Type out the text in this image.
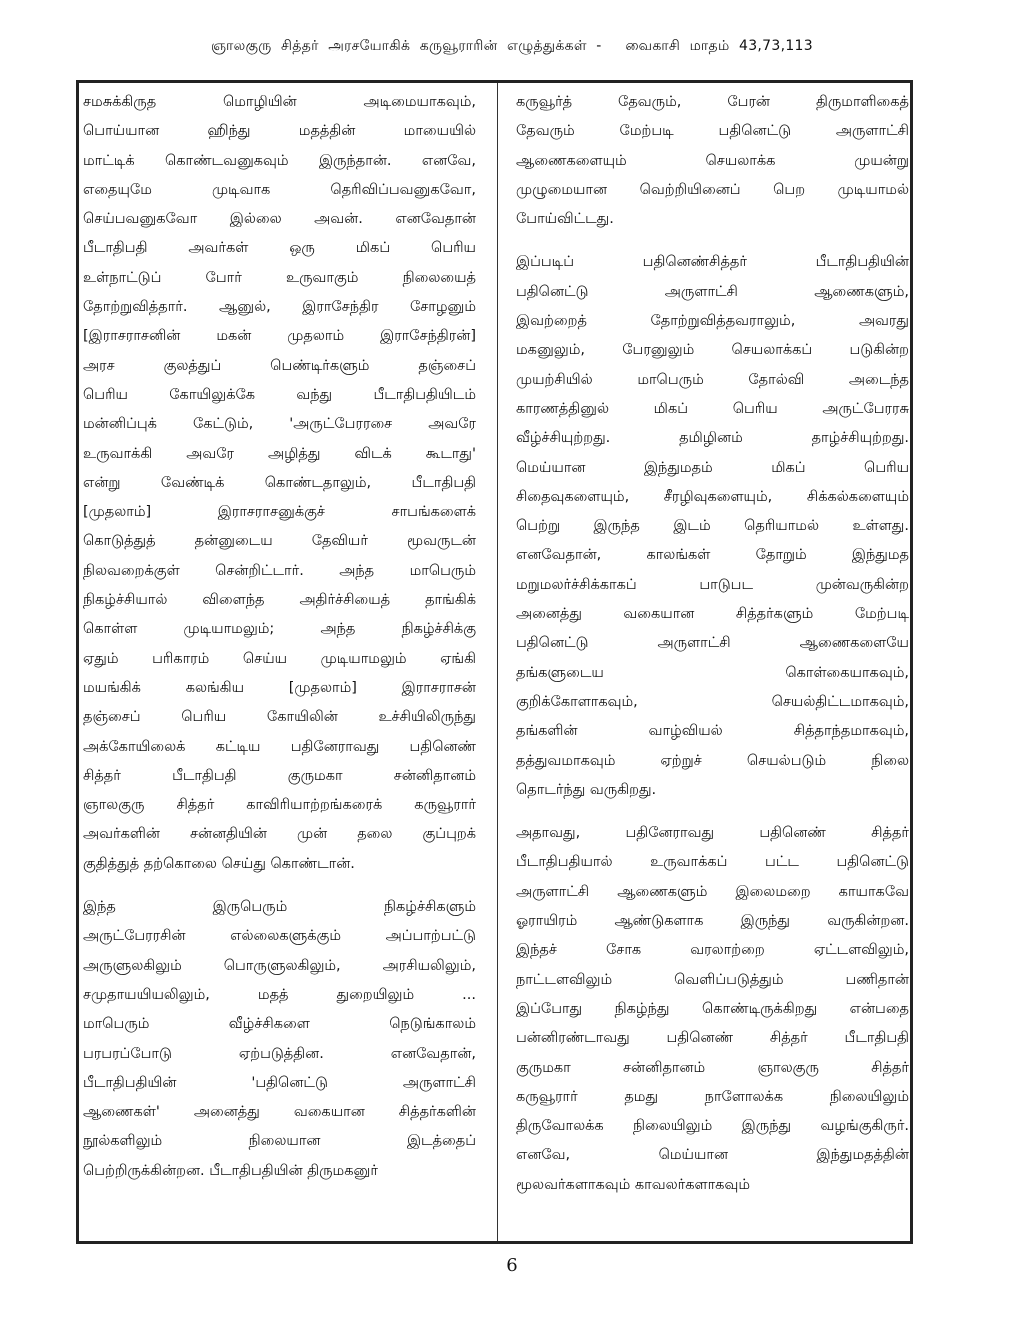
ஞாலகுரு  சித்தர்  அரசயோகிக்  கருவூராரின்  எழுத்துக்கள்  -     வைகாசி  மாதம்  43,73,113
சமசுக்கிருத மொழியின் அடிமையாகவும்,
பொய்யான ஹிந்து மதத்தின் மாயையில்
மாட்டிக் கொண்டவனுகவும் இருந்தான். எனவே,
எதையுமே முடிவாக தெரிவிப்பவனுகவோ,
செய்பவனுகவோ இல்லை அவன். எனவேதான்
பீடாதிபதி அவர்கள் ஒரு மிகப் பெரிய
உள்நாட்டுப் போர் உருவாகும் நிலையைத்
தோற்றுவித்தார். ஆனுல், இராசேந்திர சோழனும்
[இராசராசனின் மகன் முதலாம் இராசேந்திரன்]
அரச குலத்துப் பெண்டிர்களும் தஞ்சைப்
பெரிய கோயிலுக்கே வந்து பீடாதிபதியிடம்
மன்னிப்புக் கேட்டும், 'அருட்பேரரசை அவரே
உருவாக்கி அவரே அழித்து விடக் கூடாது'
என்று வேண்டிக் கொண்டதாலும், பீடாதிபதி
[முதலாம்] இராசராசனுக்குச் சாபங்களைக்
கொடுத்துத் தன்னுடைய தேவியர் மூவருடன்
நிலவறைக்குள் சென்றிட்டார். அந்த மாபெரும்
நிகழ்ச்சியால் விளைந்த அதிர்ச்சியைத் தாங்கிக்
கொள்ள முடியாமலும்; அந்த நிகழ்ச்சிக்கு
ஏதும் பரிகாரம் செய்ய முடியாமலும் ஏங்கி
மயங்கிக் கலங்கிய [முதலாம்] இராசராசன்
தஞ்சைப் பெரிய கோயிலின் உச்சியிலிருந்து
அக்கோயிலைக் கட்டிய பதினேராவது பதினெண்
சித்தர் பீடாதிபதி குருமகா சன்னிதானம்
ஞாலகுரு சித்தர் காவிரியாற்றங்கரைக் கருவூரார்
அவர்களின் சன்னதியின் முன் தலை குப்புறக்
குதித்துத் தற்கொலை செய்து கொண்டான்.
இந்த இருபெரும் நிகழ்ச்சிகளும்
அருட்பேரரசின் எல்லைகளுக்கும் அப்பாற்பட்டு
அருளுலகிலும் பொருளுலகிலும், அரசியலிலும்,
சமுதாயயியலிலும், மதத் துறையிலும் ...
மாபெரும் வீழ்ச்சிகளை நெடுங்காலம்
பரபரப்போடு ஏற்படுத்தின. எனவேதான்,
பீடாதிபதியின் 'பதினெட்டு அருளாட்சி
ஆணைகள்' அனைத்து வகையான சித்தர்களின்
நூல்களிலும் நிலையான இடத்தைப்
பெற்றிருக்கின்றன. பீடாதிபதியின் திருமகனுர்
கருவூர்த் தேவரும், பேரன் திருமாளிகைத்
தேவரும் மேற்படி பதினெட்டு அருளாட்சி
ஆணைகளையும் செயலாக்க முயன்று
முழுமையான வெற்றியினைப் பெற முடியாமல்
போய்விட்டது.
இப்படிப் பதினெண்சித்தர் பீடாதிபதியின்
பதினெட்டு அருளாட்சி ஆணைகளும்,
இவற்றைத் தோற்றுவித்தவராலும், அவரது
மகனுலும், பேரனுலும் செயலாக்கப் படுகின்ற
முயற்சியில் மாபெரும் தோல்வி அடைந்த
காரணத்தினுல் மிகப் பெரிய அருட்பேரரசு
வீழ்ச்சியுற்றது. தமிழினம் தாழ்ச்சியுற்றது.
மெய்யான இந்துமதம் மிகப் பெரிய
சிதைவுகளையும், சீரழிவுகளையும், சிக்கல்களையும்
பெற்று இருந்த இடம் தெரியாமல் உள்ளது.
எனவேதான், காலங்கள் தோறும் இந்துமத
மறுமலர்ச்சிக்காகப் பாடுபட முன்வருகின்ற
அனைத்து வகையான சித்தர்களும் மேற்படி
பதினெட்டு அருளாட்சி ஆணைகளையே
தங்களுடைய கொள்கையாகவும்,
குறிக்கோளாகவும், செயல்திட்டமாகவும்,
தங்களின் வாழ்வியல் சித்தாந்தமாகவும்,
தத்துவமாகவும் ஏற்றுச் செயல்படும் நிலை
தொடர்ந்து வருகிறது.
அதாவது, பதினேராவது பதினெண் சித்தர்
பீடாதிபதியால் உருவாக்கப் பட்ட பதினெட்டு
அருளாட்சி ஆணைகளும் இலைமறை காயாகவே
ஓராயிரம் ஆண்டுகளாக இருந்து வருகின்றன.
இந்தச் சோக வரலாற்றை ஏட்டளவிலும்,
நாட்டளவிலும் வெளிப்படுத்தும் பணிதான்
இப்போது நிகழ்ந்து கொண்டிருக்கிறது என்பதை
பன்னிரண்டாவது பதினெண் சித்தர் பீடாதிபதி
குருமகா சன்னிதானம் ஞாலகுரு சித்தர்
கருவூரார் தமது நாளோலக்க நிலையிலும்
திருவோலக்க நிலையிலும் இருந்து வழங்குகிருர்.
எனவே, மெய்யான இந்துமதத்தின்
மூலவர்களாகவும் காவலர்களாகவும்
6
